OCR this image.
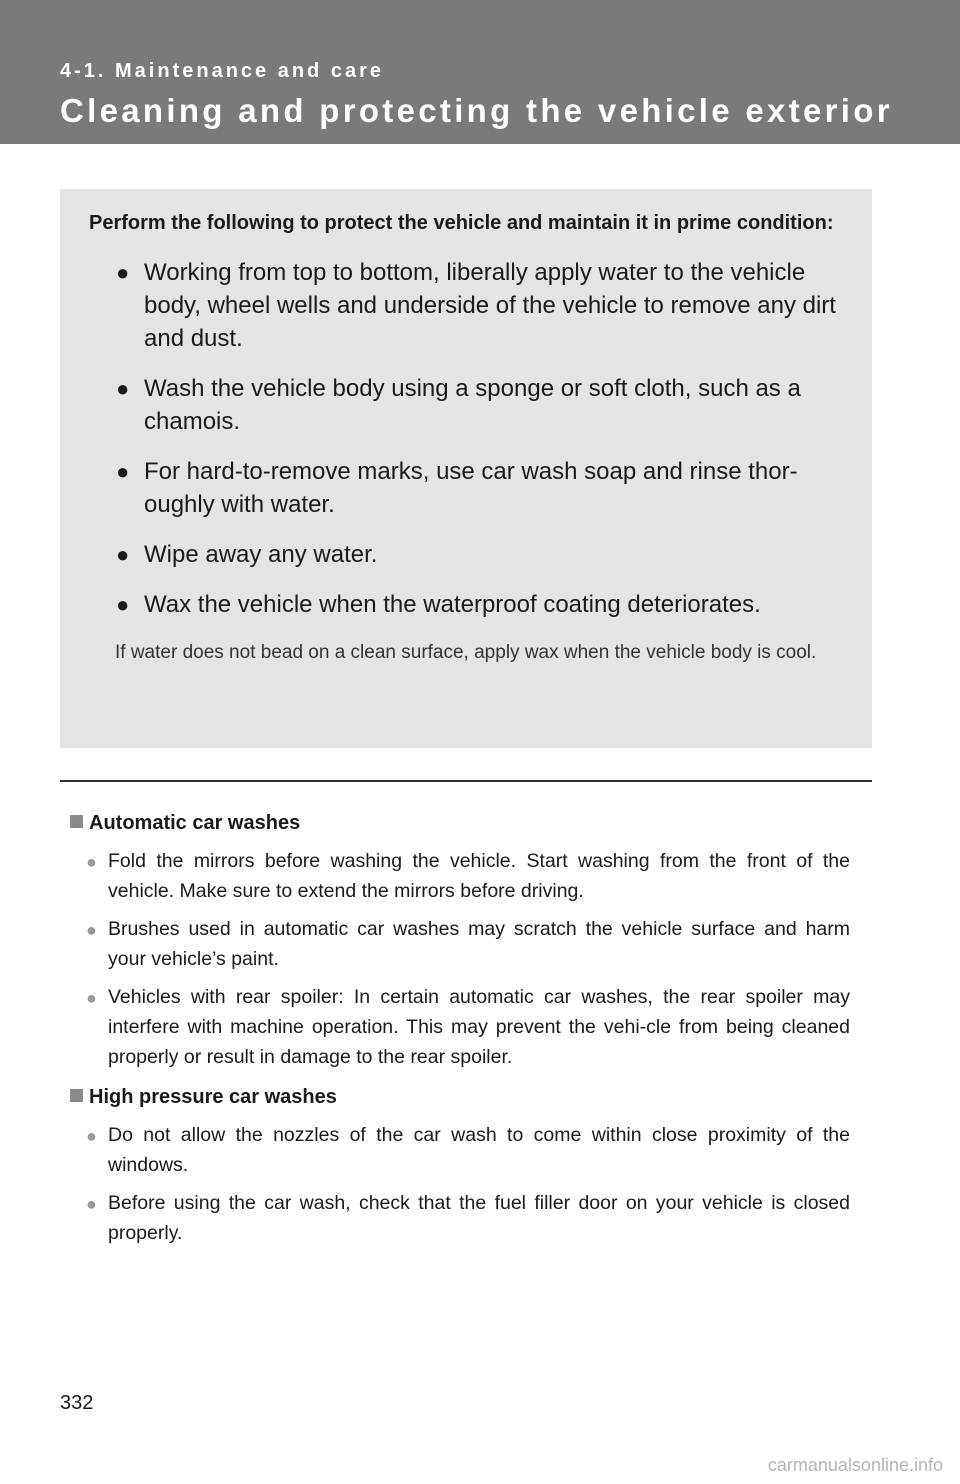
4-1. Maintenance and care
Cleaning and protecting the vehicle exterior

Perform the following to protect the vehicle and maintain it in prime condition:

● Working from top to bottom, liberally apply water to the vehicle body, wheel wells and underside of the vehicle to remove any dirt and dust.
● Wash the vehicle body using a sponge or soft cloth, such as a chamois.
● For hard-to-remove marks, use car wash soap and rinse thor-oughly with water.
● Wipe away any water.
● Wax the vehicle when the waterproof coating deteriorates.

If water does not bead on a clean surface, apply wax when the vehicle body is cool.

Automatic car washes

● Fold the mirrors before washing the vehicle. Start washing from the front of the vehicle. Make sure to extend the mirrors before driving.
● Brushes used in automatic car washes may scratch the vehicle surface and harm your vehicle’s paint.
● Vehicles with rear spoiler: In certain automatic car washes, the rear spoiler may interfere with machine operation. This may prevent the vehi-cle from being cleaned properly or result in damage to the rear spoiler.

High pressure car washes

● Do not allow the nozzles of the car wash to come within close proximity of the windows.
● Before using the car wash, check that the fuel filler door on your vehicle is closed properly.
332
carmanualsonline.info
